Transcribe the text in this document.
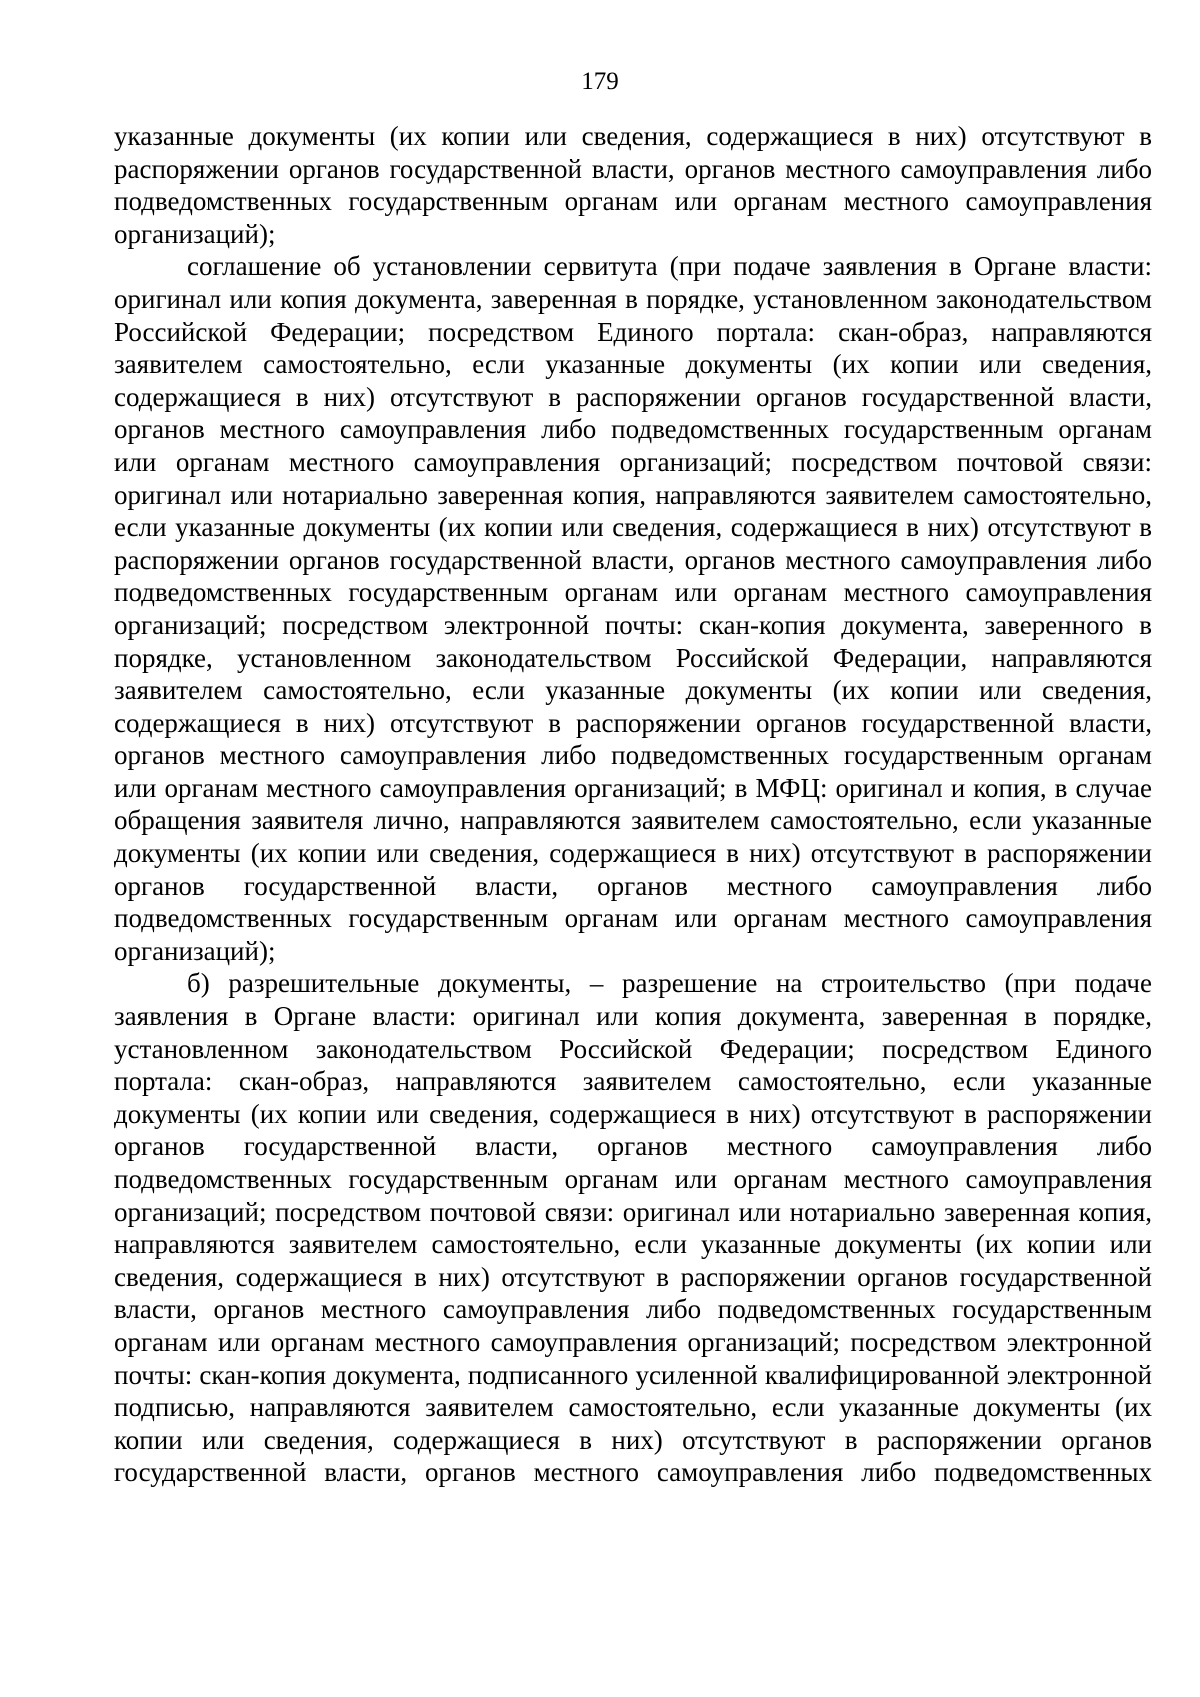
179

указанные документы (их копии или сведения, содержащиеся в них) отсутствуют в распоряжении органов государственной власти, органов местного самоуправления либо подведомственных государственным органам или органам местного самоуправления организаций);

соглашение об установлении сервитута (при подаче заявления в Органе власти: оригинал или копия документа, заверенная в порядке, установленном законодательством Российской Федерации; посредством Единого портала: скан-образ, направляются заявителем самостоятельно, если указанные документы (их копии или сведения, содержащиеся в них) отсутствуют в распоряжении органов государственной власти, органов местного самоуправления либо подведомственных государственным органам или органам местного самоуправления организаций; посредством почтовой связи: оригинал или нотариально заверенная копия, направляются заявителем самостоятельно, если указанные документы (их копии или сведения, содержащиеся в них) отсутствуют в распоряжении органов государственной власти, органов местного самоуправления либо подведомственных государственным органам или органам местного самоуправления организаций; посредством электронной почты: скан-копия документа, заверенного в порядке, установленном законодательством Российской Федерации, направляются заявителем самостоятельно, если указанные документы (их копии или сведения, содержащиеся в них) отсутствуют в распоряжении органов государственной власти, органов местного самоуправления либо подведомственных государственным органам или органам местного самоуправления организаций; в МФЦ: оригинал и копия, в случае обращения заявителя лично, направляются заявителем самостоятельно, если указанные документы (их копии или сведения, содержащиеся в них) отсутствуют в распоряжении органов государственной власти, органов местного самоуправления либо подведомственных государственным органам или органам местного самоуправления организаций);

б) разрешительные документы, – разрешение на строительство (при подаче заявления в Органе власти: оригинал или копия документа, заверенная в порядке, установленном законодательством Российской Федерации; посредством Единого портала: скан-образ, направляются заявителем самостоятельно, если указанные документы (их копии или сведения, содержащиеся в них) отсутствуют в распоряжении органов государственной власти, органов местного самоуправления либо подведомственных государственным органам или органам местного самоуправления организаций; посредством почтовой связи: оригинал или нотариально заверенная копия, направляются заявителем самостоятельно, если указанные документы (их копии или сведения, содержащиеся в них) отсутствуют в распоряжении органов государственной власти, органов местного самоуправления либо подведомственных государственным органам или органам местного самоуправления организаций; посредством электронной почты: скан-копия документа, подписанного усиленной квалифицированной электронной подписью, направляются заявителем самостоятельно, если указанные документы (их копии или сведения, содержащиеся в них) отсутствуют в распоряжении органов государственной власти, органов местного самоуправления либо подведомственных
